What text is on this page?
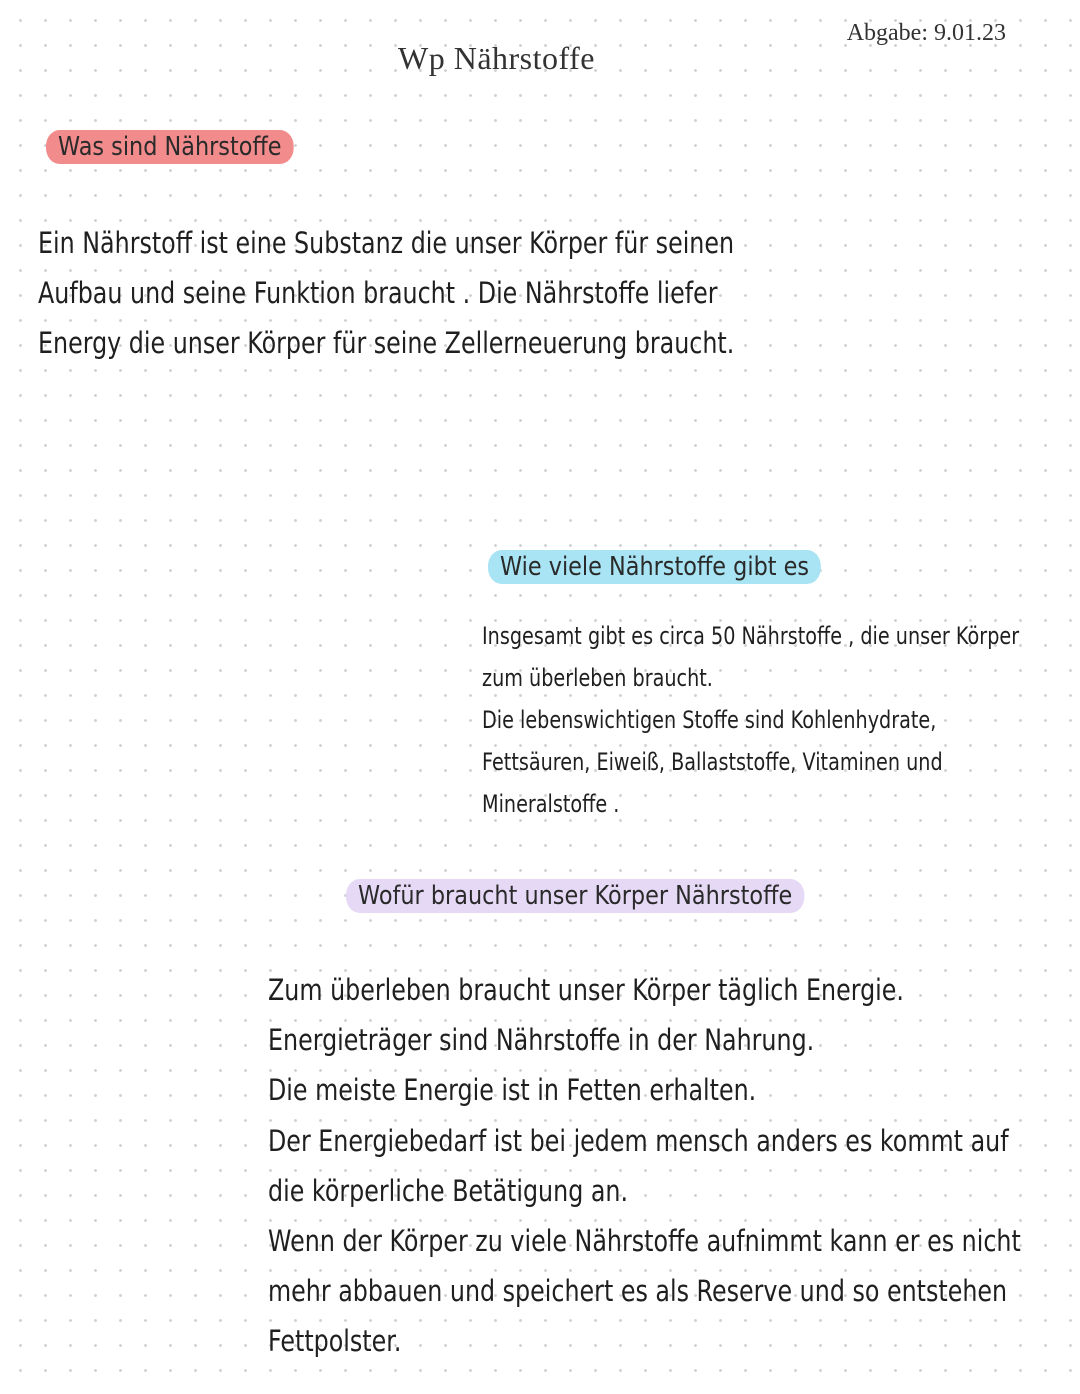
Wp Nährstoffe
Abgabe: 9.01.23
Was sind Nährstoffe
Ein Nährstoff ist eine Substanz die unser Körper für seinen
Aufbau und seine Funktion braucht . Die Nährstoffe liefer
Energy die unser Körper für seine Zellerneuerung braucht.
Wie viele Nährstoffe gibt es
Insgesamt gibt es circa 50 Nährstoffe , die unser Körper
zum überleben braucht.
Die lebenswichtigen Stoffe sind Kohlenhydrate,
Fettsäuren, Eiweiß, Ballaststoffe, Vitaminen und
Mineralstoffe .
Wofür braucht unser Körper Nährstoffe
Zum überleben braucht unser Körper täglich Energie.
Energieträger sind Nährstoffe in der Nahrung.
Die meiste Energie ist in Fetten erhalten.
Der Energiebedarf ist bei jedem mensch anders es kommt auf
die körperliche Betätigung an.
Wenn der Körper zu viele Nährstoffe aufnimmt kann er es nicht
mehr abbauen und speichert es als Reserve und so entstehen
Fettpolster.
